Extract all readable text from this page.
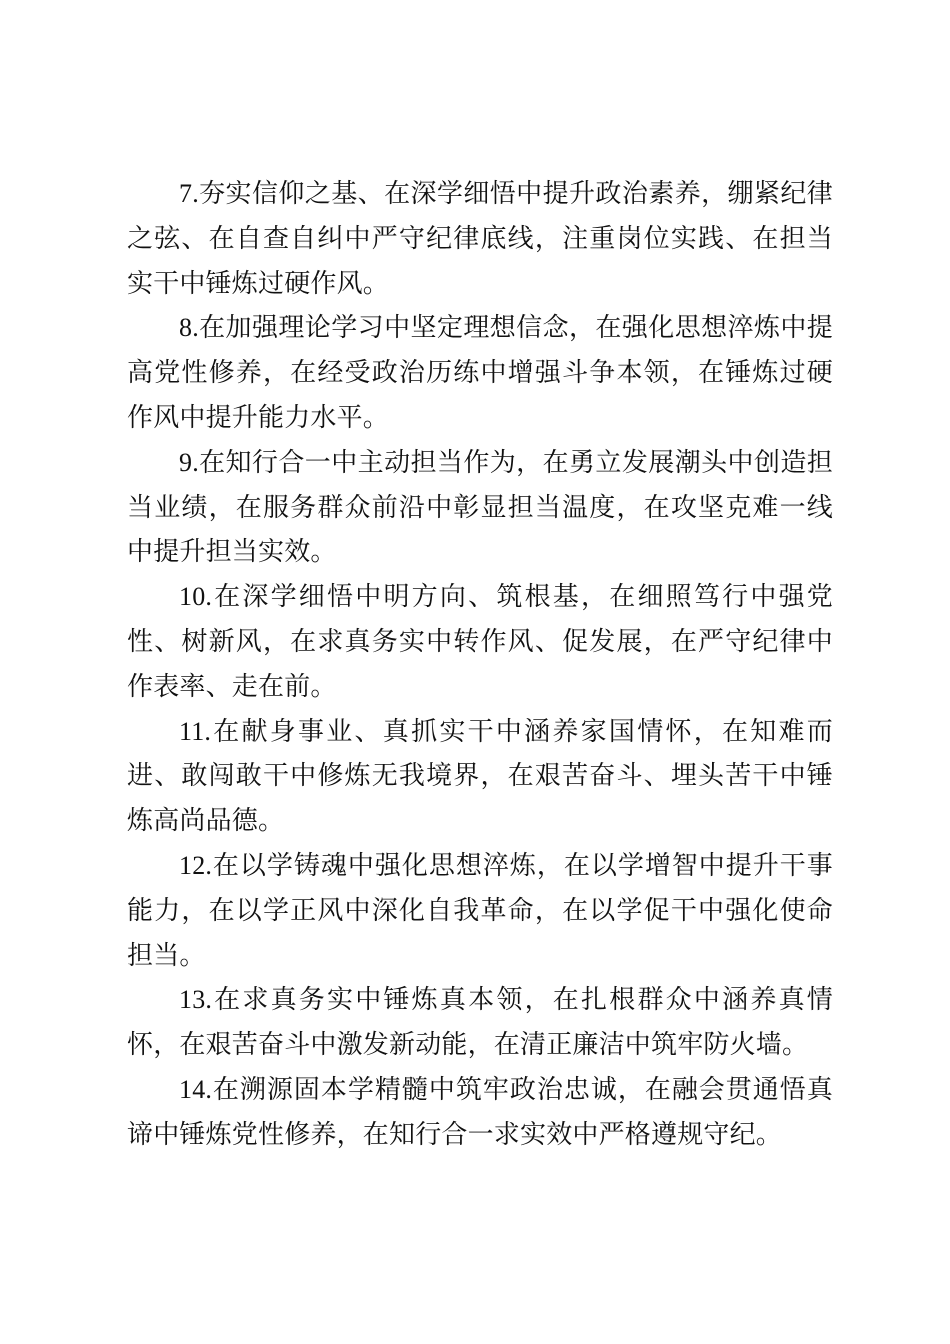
7.夯实信仰之基、在深学细悟中提升政治素养，绷紧纪律之弦、在自查自纠中严守纪律底线，注重岗位实践、在担当实干中锤炼过硬作风。

8.在加强理论学习中坚定理想信念，在强化思想淬炼中提高党性修养，在经受政治历练中增强斗争本领，在锤炼过硬作风中提升能力水平。

9.在知行合一中主动担当作为，在勇立发展潮头中创造担当业绩，在服务群众前沿中彰显担当温度，在攻坚克难一线中提升担当实效。

10.在深学细悟中明方向、筑根基，在细照笃行中强党性、树新风，在求真务实中转作风、促发展，在严守纪律中作表率、走在前。

11.在献身事业、真抓实干中涵养家国情怀，在知难而进、敢闯敢干中修炼无我境界，在艰苦奋斗、埋头苦干中锤炼高尚品德。

12.在以学铸魂中强化思想淬炼，在以学增智中提升干事能力，在以学正风中深化自我革命，在以学促干中强化使命担当。

13.在求真务实中锤炼真本领，在扎根群众中涵养真情怀，在艰苦奋斗中激发新动能，在清正廉洁中筑牢防火墙。

14.在溯源固本学精髓中筑牢政治忠诚，在融会贯通悟真谛中锤炼党性修养，在知行合一求实效中严格遵规守纪。
